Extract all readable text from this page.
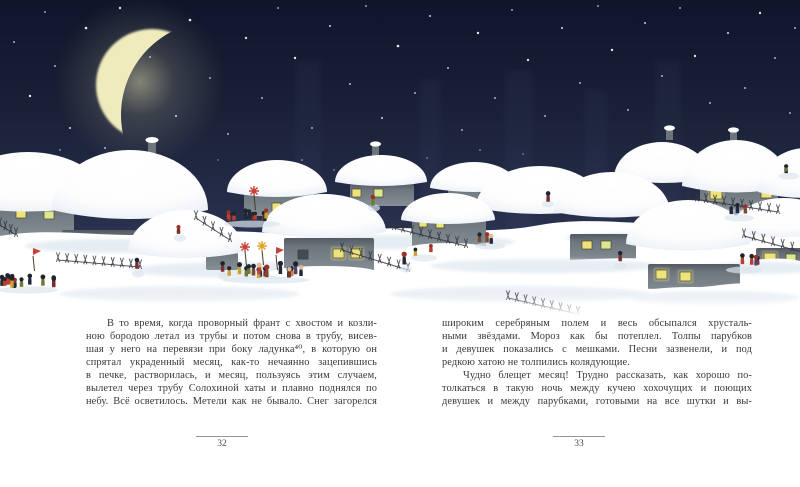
В то время, когда проворный франт с хвостом и козли-
ною бородою летал из трубы и потом снова в трубу, висев-
шая у него на перевязи при боку ладунка⁴⁰, в которую он
спрятал украденный месяц, как-то нечаянно зацепившись
в печке, растворилась, и месяц, пользуясь этим случаем,
вылетел через трубу Солохиной хаты и плавно поднялся по
небу. Всё осветилось. Метели как не бывало. Снег загорелся
широким серебряным полем и весь обсыпался хрусталь-
ными звёздами. Мороз как бы потеплел. Толпы парубков
и девушек показались с мешками. Песни зазвенели, и под
редкою хатою не толпились колядующие.
Чудно блещет месяц! Трудно рассказать, как хорошо по-
толкаться в такую ночь между кучею хохочущих и поющих
девушек и между парубками, готовыми на все шутки и вы-
32	33
